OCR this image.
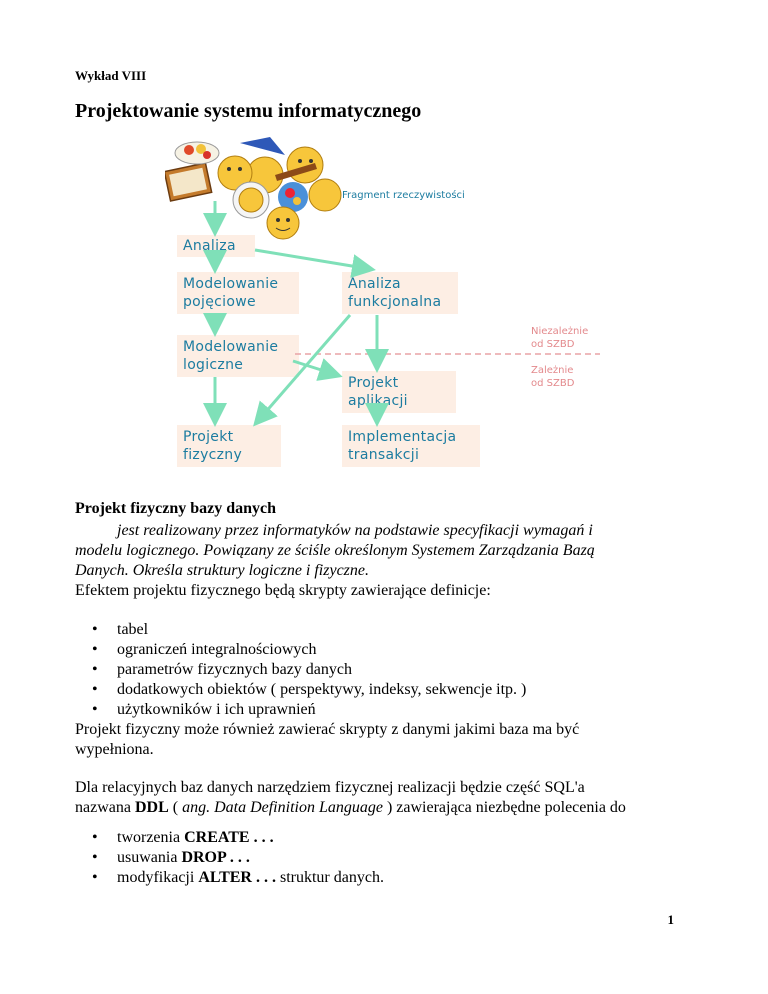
Wykład VIII
Projektowanie systemu informatycznego
Fragment rzeczywistości
Analiza
Modelowanie
pojęciowe
Analiza
funkcjonalna
Modelowanie
logiczne
Projekt
aplikacji
Projekt
fizyczny
Implementacja
transakcji
Niezależnie
od SZBD
Zależnie
od SZBD
Projekt fizyczny bazy danych
jest realizowany przez informatyków na podstawie specyfikacji wymagań i
modelu logicznego. Powiązany ze ściśle określonym Systemem Zarządzania Bazą
Danych. Określa struktury logiczne i fizyczne.
Efektem projektu fizycznego będą skrypty zawierające definicje:
• tabel
• ograniczeń integralnościowych
• parametrów fizycznych bazy danych
• dodatkowych obiektów ( perspektywy, indeksy, sekwencje itp. )
• użytkowników i ich uprawnień
Projekt fizyczny może również zawierać skrypty z danymi jakimi baza ma być
wypełniona.
Dla relacyjnych baz danych narzędziem fizycznej realizacji będzie część SQL'a
nazwana DDL ( ang. Data Definition Language ) zawierająca niezbędne polecenia do
• tworzenia CREATE . . .
• usuwania DROP . . .
• modyfikacji ALTER . . . struktur danych.
1
